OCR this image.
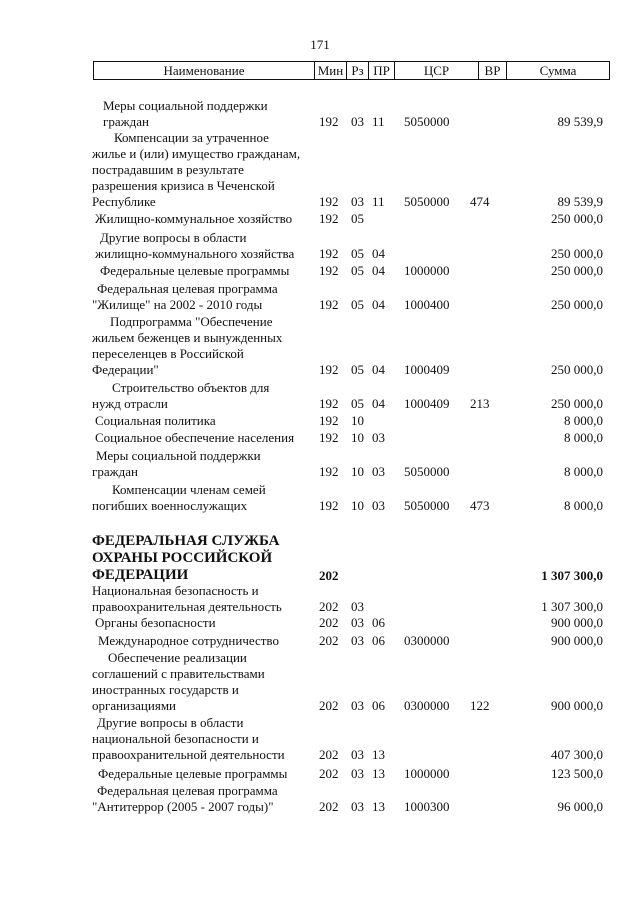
171
Наименование	Мин Рз ПР	ЦСР	ВР	Сумма
Меры социальной поддержки
граждан	192 03 11 5050000	89 539,9
Компенсации за утраченное
жилье и (или) имущество гражданам,
пострадавшим в результате
разрешения кризиса в Чеченской
Республике	192 03 11 5050000 474	89 539,9
Жилищно-коммунальное хозяйство 192 05	250 000,0
Другие вопросы в области
жилищно-коммунального хозяйства 192 05 04	250 000,0
Федеральные целевые программы 192 05 04 1000000	250 000,0
Федеральная целевая программа
"Жилище" на 2002 - 2010 годы	192 05 04 1000400	250 000,0
Подпрограмма "Обеспечение
жильем беженцев и вынужденных
переселенцев в Российской
Федерации"	192 05 04 1000409	250 000,0
Строительство объектов для
нужд отрасли	192 05 04 1000409 213	250 000,0
Социальная политика	192 10	8 000,0
Социальное обеспечение населения 192 10 03	8 000,0
Меры социальной поддержки
граждан	192 10 03 5050000	8 000,0
Компенсации членам семей
погибших военнослужащих	192 10 03 5050000 473	8 000,0
ФЕДЕРАЛЬНАЯ СЛУЖБА
ОХРАНЫ РОССИЙСКОЙ
ФЕДЕРАЦИИ	202	1 307 300,0
Национальная безопасность и
правоохранительная деятельность	202 03	1 307 300,0
Органы безопасности	202 03 06	900 000,0
Международное сотрудничество	202 03 06 0300000	900 000,0
Обеспечение реализации
соглашений с правительствами
иностранных государств и
организациями	202 03 06 0300000 122	900 000,0
Другие вопросы в области
национальной безопасности и
правоохранительной деятельности	202 03 13	407 300,0
Федеральные целевые программы 202 03 13 1000000	123 500,0
Федеральная целевая программа
"Антитеррор (2005 - 2007 годы)"	202 03 13 1000300	96 000,0
